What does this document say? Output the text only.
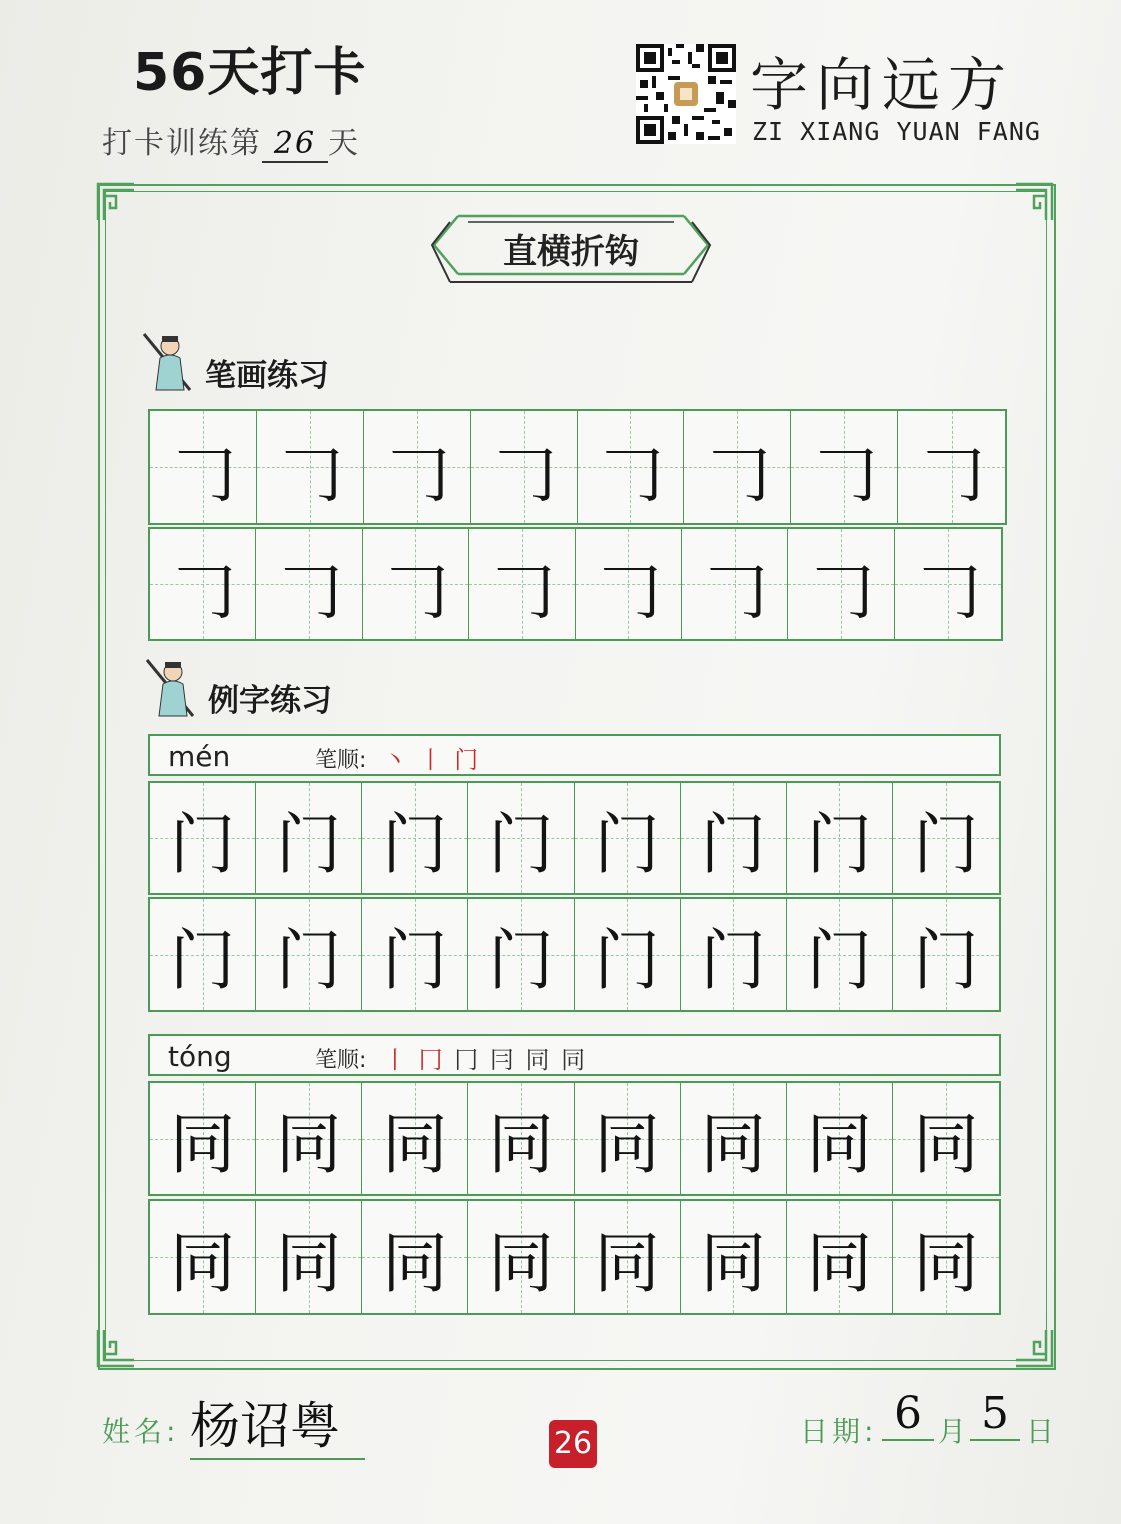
56天打卡
打卡训练第 26 天
字向远方
ZI XIANG YUAN FANG
直横折钩
笔画练习
𠃌 𠃌 𠃌 𠃌 𠃌 𠃌 𠃌 𠃌
𠃌 𠃌 𠃌 𠃌 𠃌 𠃌 𠃌 𠃌
例字练习
mén	笔顺: 丶 丨 门
门 门 门 门 门 门 门 门
门 门 门 门 门 门 门 门
tóng	笔顺: 丨 冂 冂 冃 同 同
同 同 同 同 同 同 同 同
同 同 同 同 同 同 同 同
姓名: 杨诏粤	26	日期: 6 月 5 日
